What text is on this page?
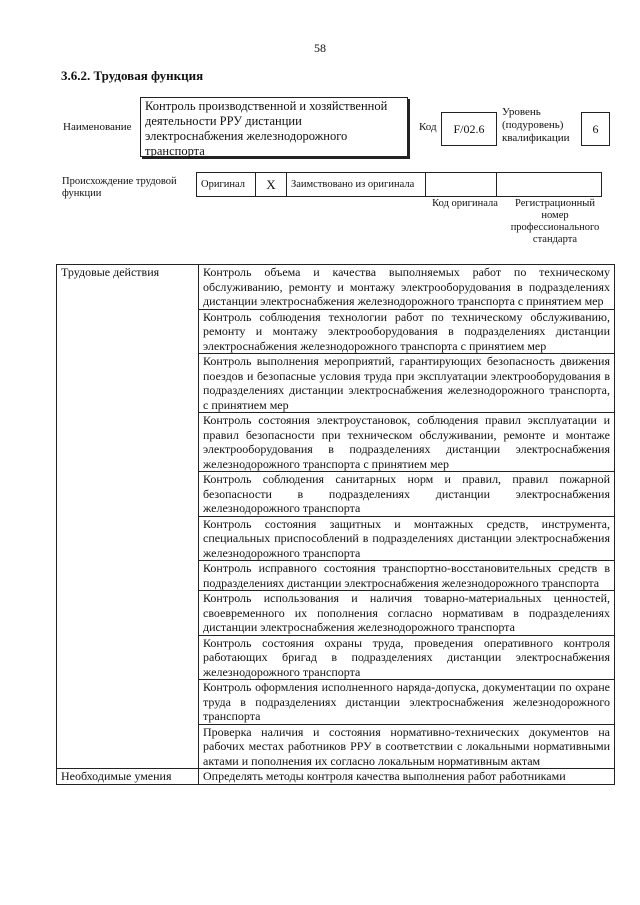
58
3.6.2. Трудовая функция
Наименование
Контроль производственной и хозяйственной деятельности РРУ дистанции электроснабжения железнодорожного транспорта
Код	F/02.6
Уровень (подуровень) квалификации
6
Происхождение трудовой функции
Оригинал	X	Заимствовано из оригинала		
Код оригинала	Регистрационный номер профессионального стандарта
Трудовые действия	Контроль объема и качества выполняемых работ по техническому обслуживанию, ремонту и монтажу электрооборудования в подразделениях дистанции электроснабжения железнодорожного транспорта с принятием мер
	Контроль соблюдения технологии работ по техническому обслуживанию, ремонту и монтажу электрооборудования в подразделениях дистанции электроснабжения железнодорожного транспорта с принятием мер
	Контроль выполнения мероприятий, гарантирующих безопасность движения поездов и безопасные условия труда при эксплуатации электрооборудования в подразделениях дистанции электроснабжения железнодорожного транспорта, с принятием мер
	Контроль состояния электроустановок, соблюдения правил эксплуатации и правил безопасности при техническом обслуживании, ремонте и монтаже электрооборудования в подразделениях дистанции электроснабжения железнодорожного транспорта с принятием мер
	Контроль соблюдения санитарных норм и правил, правил пожарной безопасности в подразделениях дистанции электроснабжения железнодорожного транспорта
	Контроль состояния защитных и монтажных средств, инструмента, специальных приспособлений в подразделениях дистанции электроснабжения железнодорожного транспорта
	Контроль исправного состояния транспортно-восстановительных средств в подразделениях дистанции электроснабжения железнодорожного транспорта
	Контроль использования и наличия товарно-материальных ценностей, своевременного их пополнения согласно нормативам в подразделениях дистанции электроснабжения железнодорожного транспорта
	Контроль состояния охраны труда, проведения оперативного контроля работающих бригад в подразделениях дистанции электроснабжения железнодорожного транспорта
	Контроль оформления исполненного наряда-допуска, документации по охране труда в подразделениях дистанции электроснабжения железнодорожного транспорта
	Проверка наличия и состояния нормативно-технических документов на рабочих местах работников РРУ в соответствии с локальными нормативными актами и пополнения их согласно локальным нормативным актам
Необходимые умения	Определять методы контроля качества выполнения работ работниками
